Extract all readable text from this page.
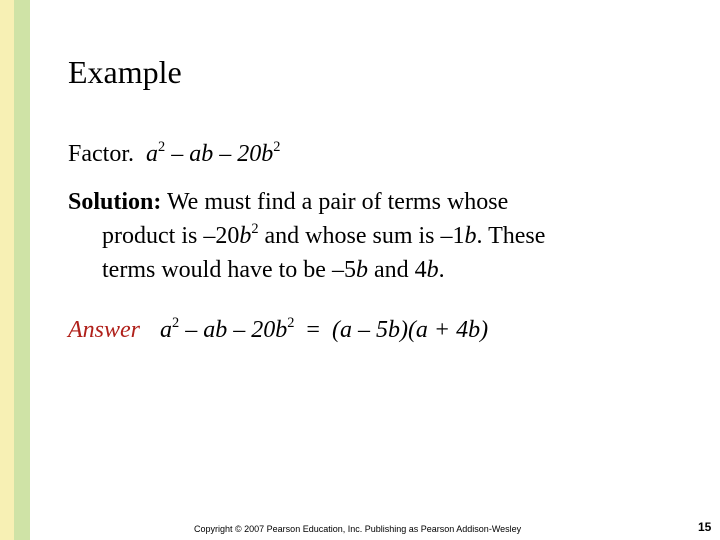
Example
Factor. $a^2$ – ab – $20b^2$
Solution: We must find a pair of terms whose
product is $-20b^2$ and whose sum is –1b. These
terms would have to be –5b and 4b.
Answer $a^2$ – ab – $20b^2 = (a - 5b)(a + 4b)$
Copyright © 2007 Pearson Education, Inc. Publishing as Pearson Addison-Wesley	15
